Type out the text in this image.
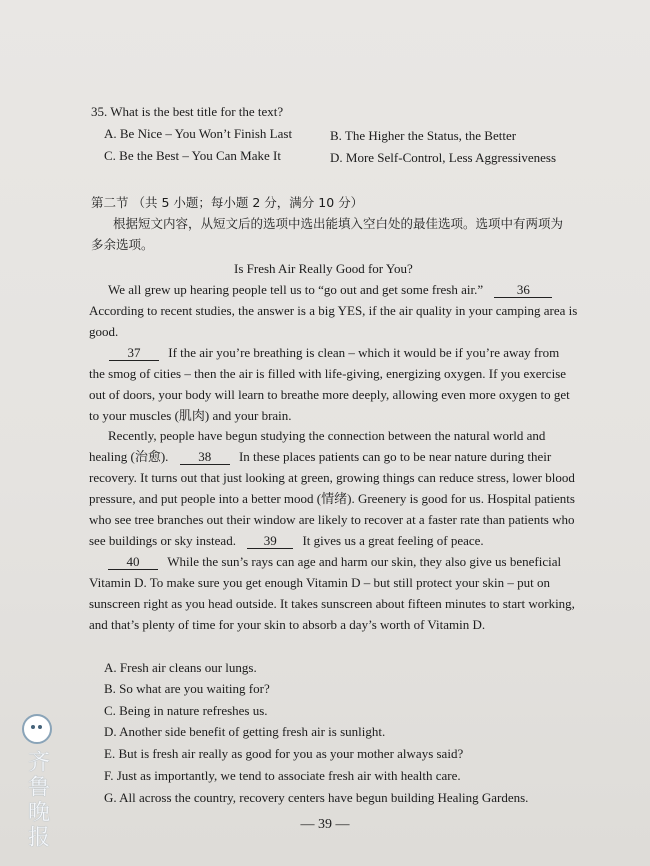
35. What is the best title for the text?
A. Be Nice – You Won’t Finish Last	B. The Higher the Status, the Better
C. Be the Best – You Can Make It	D. More Self-Control, Less Aggressiveness
第二节 （共 5 小题；每小题 2 分，满分 10 分）
根据短文内容，从短文后的选项中选出能填入空白处的最佳选项。选项中有两项为
多余选项。
Is Fresh Air Really Good for You?
We all grew up hearing people tell us to “go out and get some fresh air.”	36
According to recent studies, the answer is a big YES, if the air quality in your camping area is
good.
37 If the air you’re breathing is clean – which it would be if you’re away from
the smog of cities – then the air is filled with life-giving, energizing oxygen. If you exercise
out of doors, your body will learn to breathe more deeply, allowing even more oxygen to get
to your muscles (肌肉) and your brain.
Recently, people have begun studying the connection between the natural world and
healing (治愈). 38 In these places patients can go to be near nature during their
recovery. It turns out that just looking at green, growing things can reduce stress, lower blood
pressure, and put people into a better mood (情绪). Greenery is good for us. Hospital patients
who see tree branches out their window are likely to recover at a faster rate than patients who
see buildings or sky instead. 39 It gives us a great feeling of peace.
40 While the sun’s rays can age and harm our skin, they also give us beneficial
Vitamin D. To make sure you get enough Vitamin D – but still protect your skin – put on
sunscreen right as you head outside. It takes sunscreen about fifteen minutes to start working,
and that’s plenty of time for your skin to absorb a day’s worth of Vitamin D.
A. Fresh air cleans our lungs.
B. So what are you waiting for?
C. Being in nature refreshes us.
D. Another side benefit of getting fresh air is sunlight.
E. But is fresh air really as good for you as your mother always said?
F. Just as importantly, we tend to associate fresh air with health care.
G. All across the country, recovery centers have begun building Healing Gardens.
— 39 —
齐鲁晚报
